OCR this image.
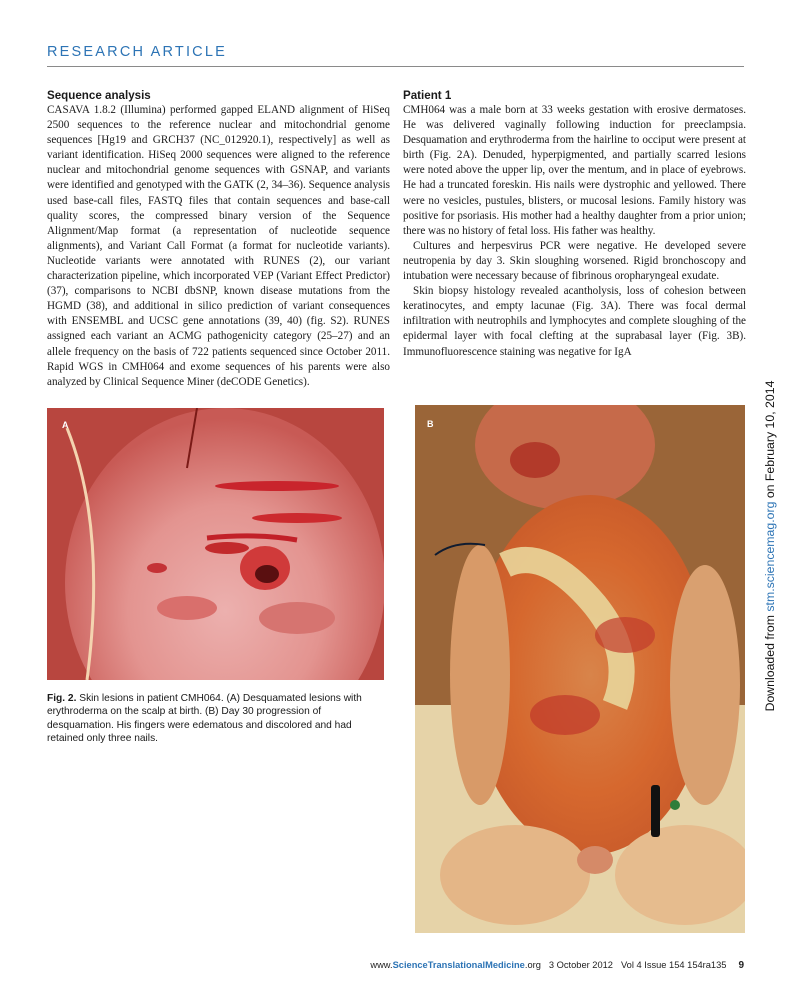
RESEARCH ARTICLE
Sequence analysis

CASAVA 1.8.2 (Illumina) performed gapped ELAND alignment of HiSeq 2500 sequences to the reference nuclear and mitochondrial genome sequences [Hg19 and GRCH37 (NC_012920.1), respectively] as well as variant identification. HiSeq 2000 sequences were aligned to the reference nuclear and mitochondrial genome sequences with GSNAP, and variants were identified and genotyped with the GATK (2, 34–36). Sequence analysis used base-call files, FASTQ files that contain sequences and base-call quality scores, the compressed binary version of the Sequence Alignment/Map format (a representation of nucleotide sequence alignments), and Variant Call Format (a format for nucleotide variants). Nucleotide variants were annotated with RUNES (2), our variant characterization pipeline, which incorporated VEP (Variant Effect Predictor) (37), comparisons to NCBI dbSNP, known disease mutations from the HGMD (38), and additional in silico prediction of variant consequences with ENSEMBL and UCSC gene annotations (39, 40) (fig. S2). RUNES assigned each variant an ACMG pathogenicity category (25–27) and an allele frequency on the basis of 722 patients sequenced since October 2011. Rapid WGS in CMH064 and exome sequences of his parents were also analyzed by Clinical Sequence Miner (deCODE Genetics).

Patient 1

CMH064 was a male born at 33 weeks gestation with erosive dermatoses. He was delivered vaginally following induction for preeclampsia. Desquamation and erythroderma from the hairline to occiput were present at birth (Fig. 2A). Denuded, hyperpigmented, and partially scarred lesions were noted above the upper lip, over the mentum, and in place of eyebrows. He had a truncated foreskin. His nails were dystrophic and yellowed. There were no vesicles, pustules, blisters, or mucosal lesions. Family history was positive for psoriasis. His mother had a healthy daughter from a prior union; there was no history of fetal loss. His father was healthy.

Cultures and herpesvirus PCR were negative. He developed severe neutropenia by day 3. Skin sloughing worsened. Rigid bronchoscopy and intubation were necessary because of fibrinous oropharyngeal exudate.

Skin biopsy histology revealed acantholysis, loss of cohesion between keratinocytes, and empty lacunae (Fig. 3A). There was focal dermal infiltration with neutrophils and lymphocytes and complete sloughing of the epidermal layer with focal clefting at the suprabasal layer (Fig. 3B). Immunofluorescence staining was negative for IgA

A	B

Fig. 2. Skin lesions in patient CMH064. (A) Desquamated lesions with erythroderma on the scalp at birth. (B) Day 30 progression of desquamation. His fingers were edematous and discolored and had retained only three nails.

Downloaded from stm.sciencemag.org on February 10, 2014
www.ScienceTranslationalMedicine.org 3 October 2012 Vol 4 Issue 154 154ra135 9
